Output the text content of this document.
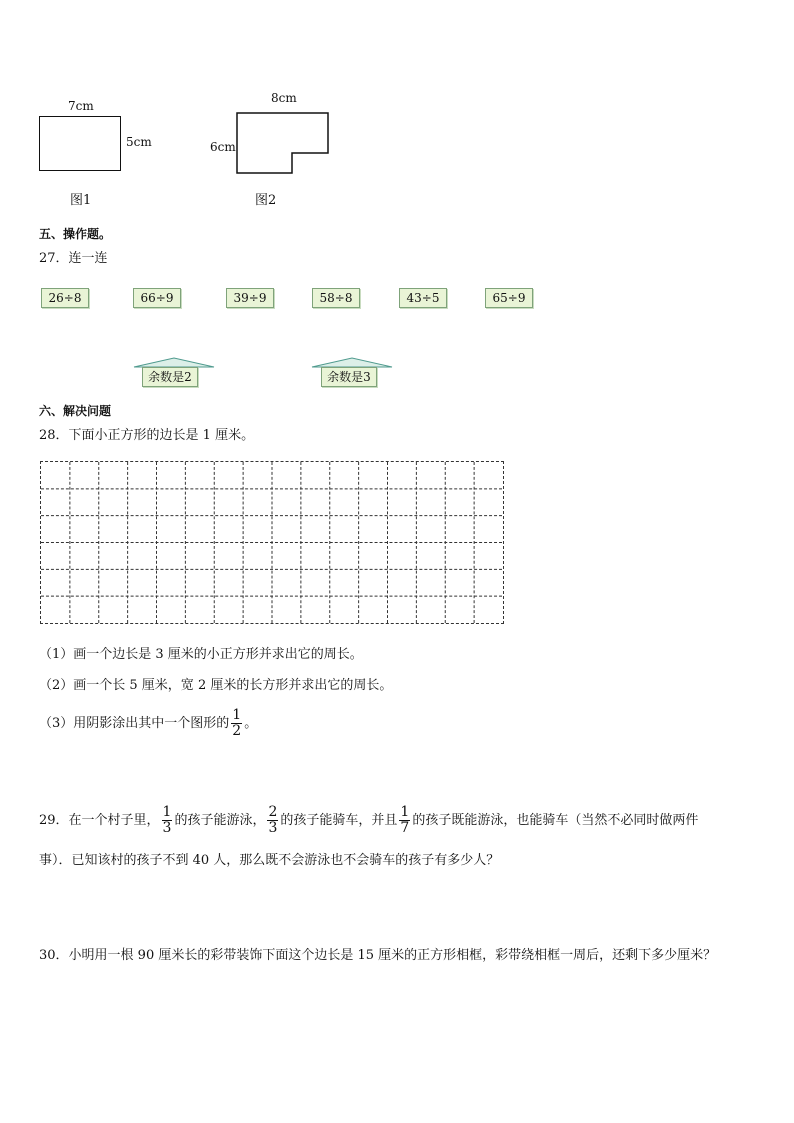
7cm
5cm
图1
8cm
6cm
图2
五、操作题。
27．连一连
26÷8	66÷9	39÷9	58÷8	43÷5	65÷9
余数是2	余数是3
六、解决问题
28．下面小正方形的边长是 1 厘米。
（1）画一个边长是 3 厘米的小正方形并求出它的周长。
（2）画一个长 5 厘米，宽 2 厘米的长方形并求出它的周长。
（3）用阴影涂出其中一个图形的 $\frac{1}{2}$ 。
29．在一个村子里， $\frac{1}{3}$ 的孩子能游泳， $\frac{2}{3}$ 的孩子能骑车，并且 $\frac{1}{7}$ 的孩子既能游泳，也能骑车（当然不必同时做两件
事）．已知该村的孩子不到 40 人，那么既不会游泳也不会骑车的孩子有多少人？
30．小明用一根 90 厘米长的彩带装饰下面这个边长是 15 厘米的正方形相框，彩带绕相框一周后，还剩下多少厘米？
